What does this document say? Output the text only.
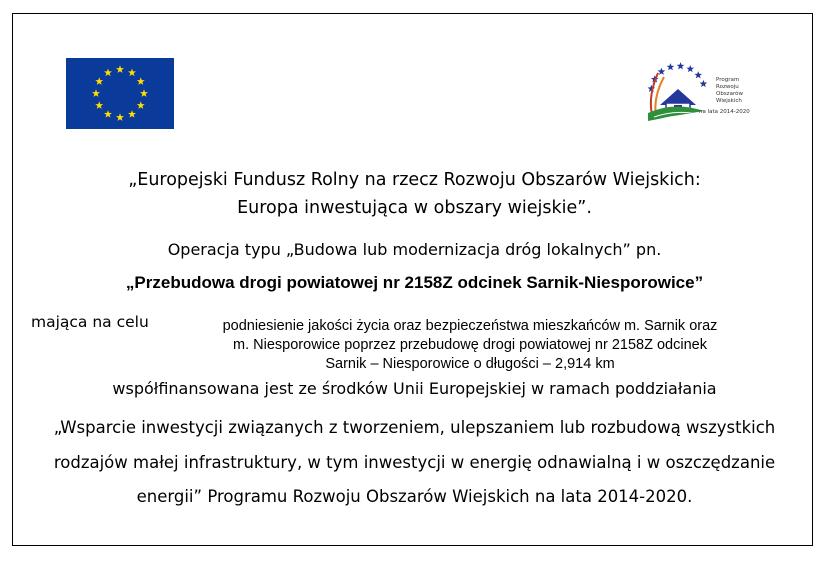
Program
Rozwoju
Obszarów
Wiejskich
na lata 2014-2020
„Europejski Fundusz Rolny na rzecz Rozwoju Obszarów Wiejskich:
Europa inwestująca w obszary wiejskie”.
Operacja typu „Budowa lub modernizacja dróg lokalnych” pn.
„Przebudowa drogi powiatowej nr 2158Z odcinek Sarnik-Niesporowice”
mająca na celu	podniesienie jakości życia oraz bezpieczeństwa mieszkańców m. Sarnik oraz
m. Niesporowice poprzez przebudowę drogi powiatowej nr 2158Z odcinek
Sarnik – Niesporowice o długości – 2,914 km
współfinansowana jest ze środków Unii Europejskiej w ramach poddziałania
„Wsparcie inwestycji związanych z tworzeniem, ulepszaniem lub rozbudową wszystkich
rodzajów małej infrastruktury, w tym inwestycji w energię odnawialną i w oszczędzanie
energii” Programu Rozwoju Obszarów Wiejskich na lata 2014-2020.
